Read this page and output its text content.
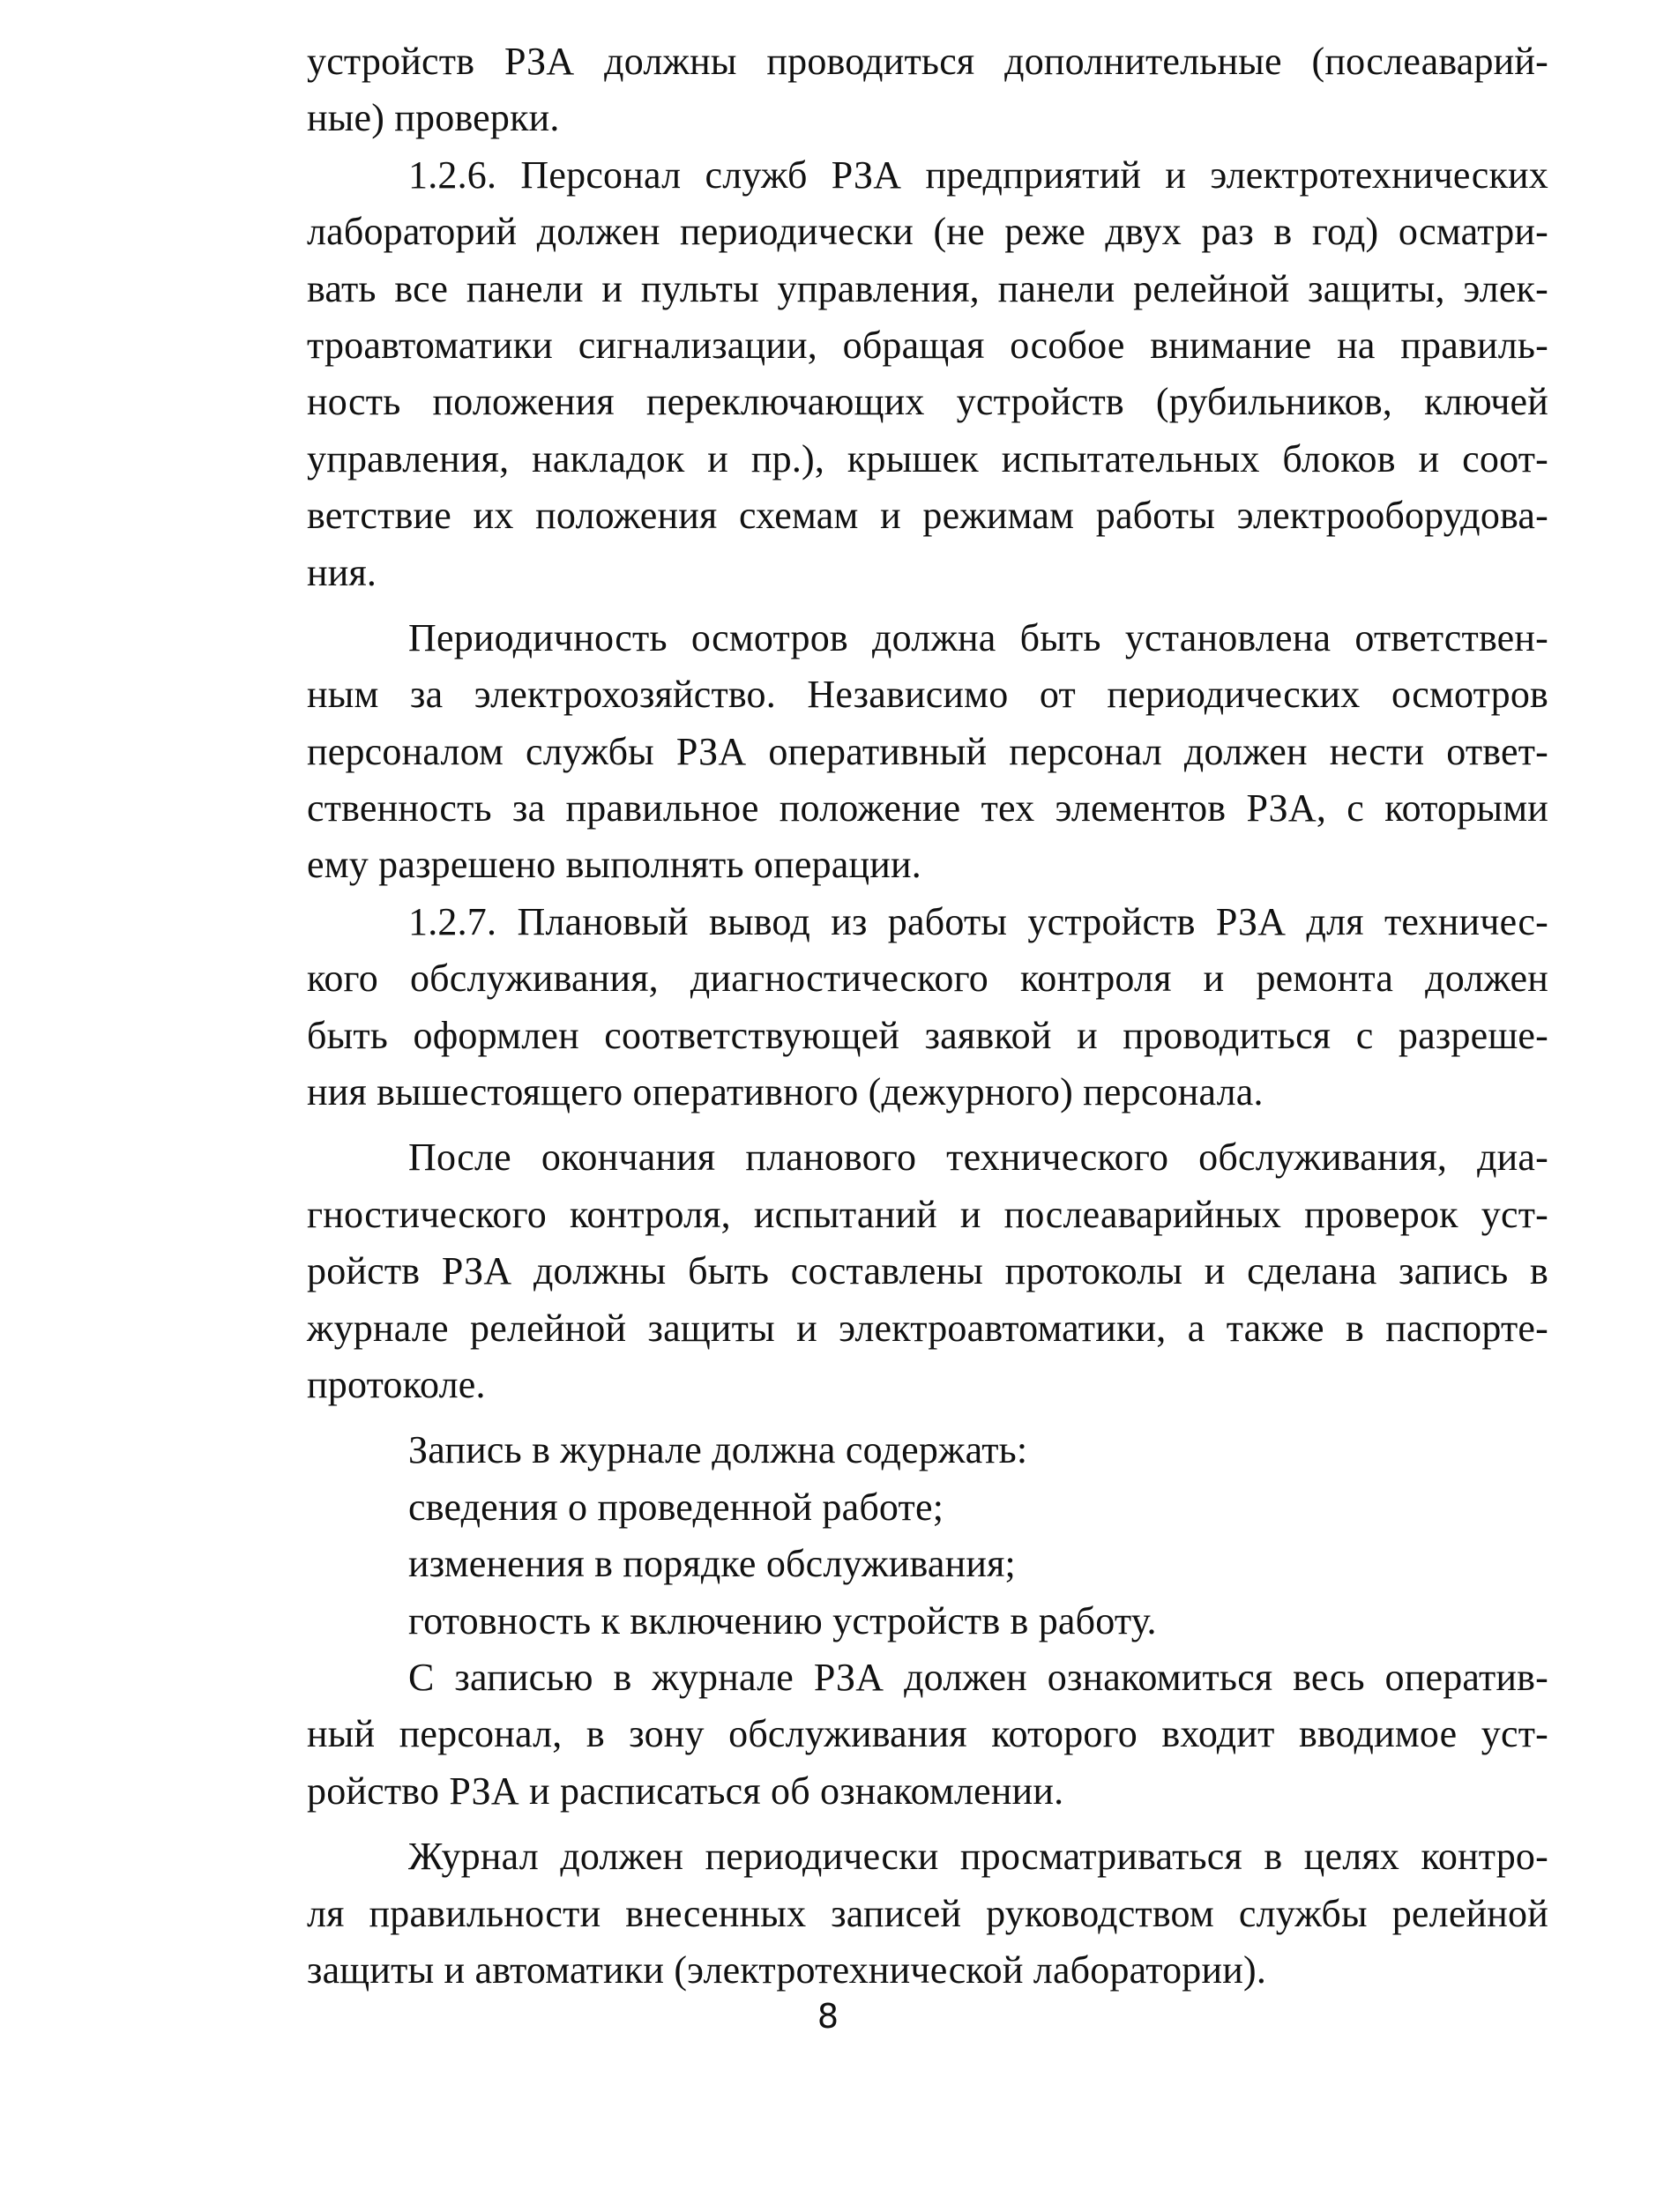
устройств РЗА должны проводиться дополнительные (послеаварий-
ные) проверки.
1.2.6. Персонал служб РЗА предприятий и электротехнических
лабораторий должен периодически (не реже двух раз в год) осматри-
вать все панели и пульты управления, панели релейной защиты, элек-
троавтоматики сигнализации, обращая особое внимание на правиль-
ность положения переключающих устройств (рубильников, ключей
управления, накладок и пр.), крышек испытательных блоков и соот-
ветствие их положения схемам и режимам работы электрооборудова-
ния.
Периодичность осмотров должна быть установлена ответствен-
ным за электрохозяйство. Независимо от периодических осмотров
персоналом службы РЗА оперативный персонал должен нести ответ-
ственность за правильное положение тех элементов РЗА, с которыми
ему разрешено выполнять операции.
1.2.7. Плановый вывод из работы устройств РЗА для техничес-
кого обслуживания, диагностического контроля и ремонта должен
быть оформлен соответствующей заявкой и проводиться с разреше-
ния вышестоящего оперативного (дежурного) персонала.
После окончания планового технического обслуживания, диа-
гностического контроля, испытаний и послеаварийных проверок уст-
ройств РЗА должны быть составлены протоколы и сделана запись в
журнале релейной защиты и электроавтоматики, а также в паспорте-
протоколе.
Запись в журнале должна содержать:
сведения о проведенной работе;
изменения в порядке обслуживания;
готовность к включению устройств в работу.
С записью в журнале РЗА должен ознакомиться весь оператив-
ный персонал, в зону обслуживания которого входит вводимое уст-
ройство РЗА и расписаться об ознакомлении.
Журнал должен периодически просматриваться в целях контро-
ля правильности внесенных записей руководством службы релейной
защиты и автоматики (электротехнической лаборатории).
8
